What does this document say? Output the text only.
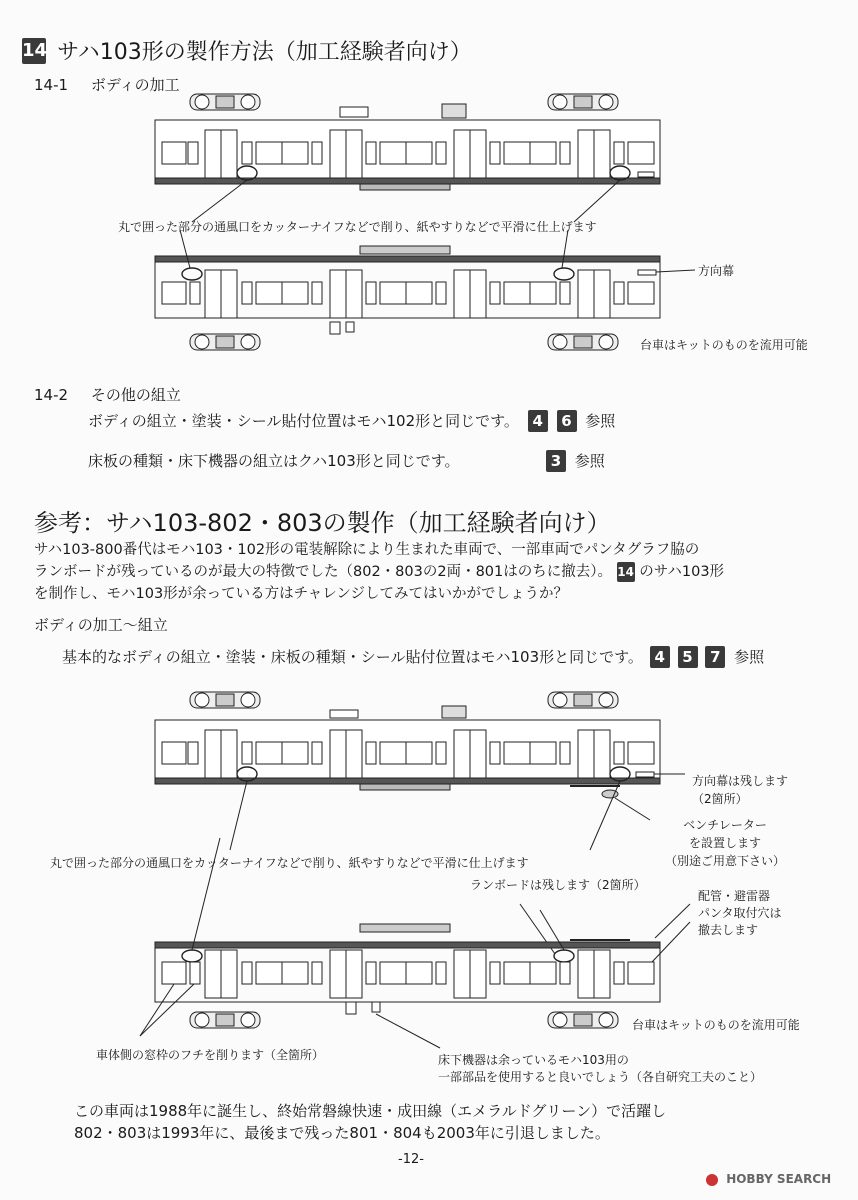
14 サハ103形の製作方法（加工経験者向け）
14-1 ボディの加工
丸で囲った部分の通風口をカッターナイフなどで削り、紙やすりなどで平滑に仕上げます
方向幕
台車はキットのものを流用可能
14-2 その他の組立
ボディの組立・塗装・シール貼付位置はモハ102形と同じです。 4 6 参照
床板の種類・床下機器の組立はクハ103形と同じです。	3 参照
参考：サハ103-802・803の製作（加工経験者向け）
サハ103-800番代はモハ103・102形の電装解除により生まれた車両で、一部車両でパンタグラフ脇の
ランボードが残っているのが最大の特徴でした（802・803の2両・801はのちに撤去）。 14 のサハ103形
を制作し、モハ103形が余っている方はチャレンジしてみてはいかがでしょうか？
ボディの加工～組立
基本的なボディの組立・塗装・床板の種類・シール貼付位置はモハ103形と同じです。 4 5 7 参照
方向幕は残します
（2箇所）
ベンチレーター
を設置します
（別途ご用意下さい）
丸で囲った部分の通風口をカッターナイフなどで削り、紙やすりなどで平滑に仕上げます
ランボードは残します（2箇所）
配管・避雷器
パンタ取付穴は
撤去します
台車はキットのものを流用可能
車体側の窓枠のフチを削ります（全箇所）	床下機器は余っているモハ103用の
一部部品を使用すると良いでしょう（各自研究工夫のこと）
この車両は1988年に誕生し、終始常磐線快速・成田線（エメラルドグリーン）で活躍し
802・803は1993年に、最後まで残った801・804も2003年に引退しました。
-12-
HOBBY SEARCH
